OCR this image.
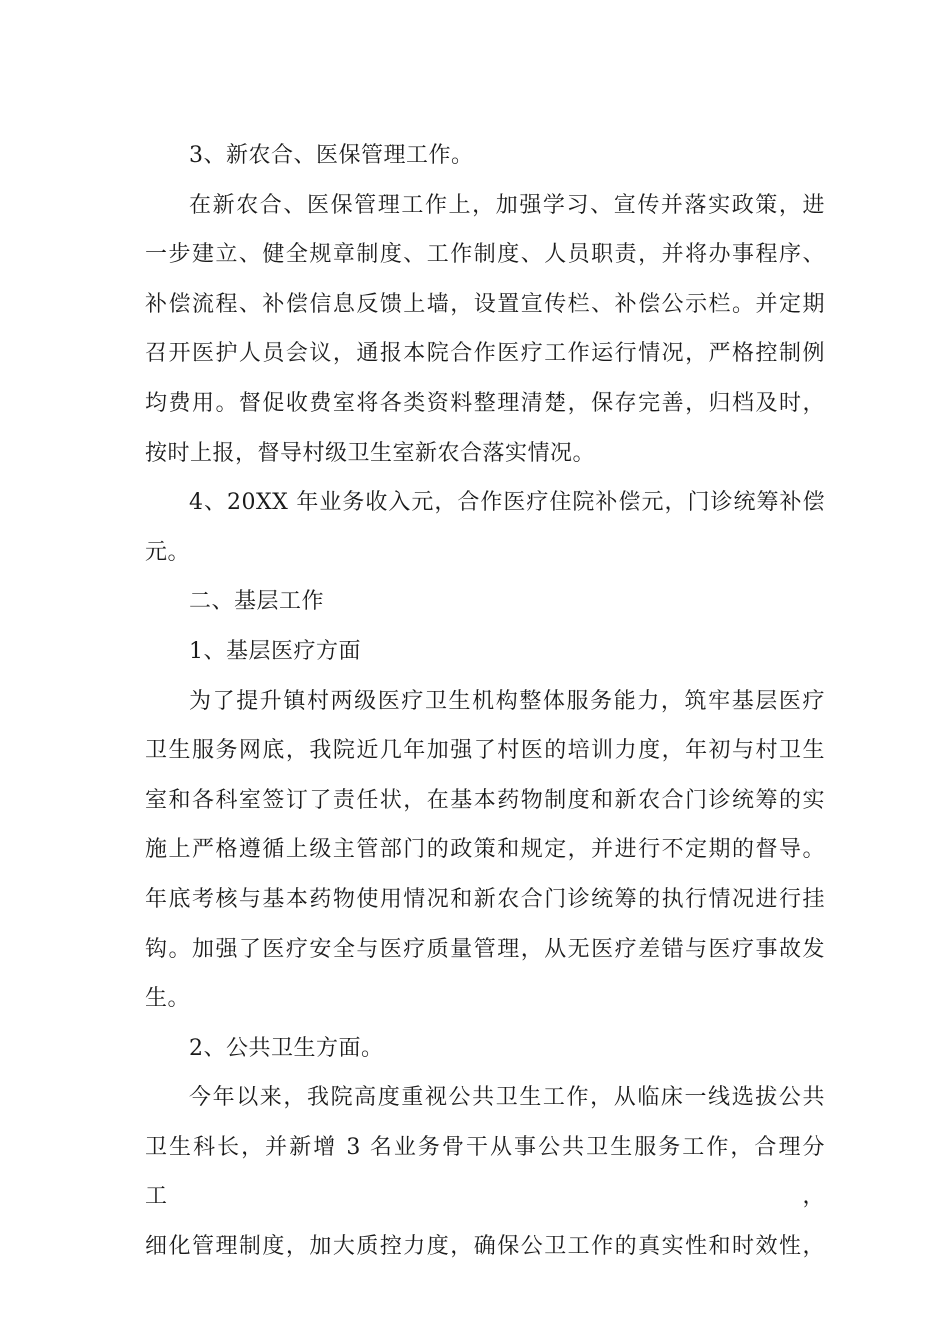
3、新农合、医保管理工作。

在新农合、医保管理工作上，加强学习、宣传并落实政策，进

一步建立、健全规章制度、工作制度、人员职责，并将办事程序、

补偿流程、补偿信息反馈上墙，设置宣传栏、补偿公示栏。并定期

召开医护人员会议，通报本院合作医疗工作运行情况，严格控制例

均费用。督促收费室将各类资料整理清楚，保存完善，归档及时，

按时上报，督导村级卫生室新农合落实情况。

4、20XX 年业务收入元，合作医疗住院补偿元，门诊统筹补偿

元。

二、基层工作

1、基层医疗方面

为了提升镇村两级医疗卫生机构整体服务能力，筑牢基层医疗

卫生服务网底，我院近几年加强了村医的培训力度，年初与村卫生

室和各科室签订了责任状，在基本药物制度和新农合门诊统筹的实

施上严格遵循上级主管部门的政策和规定，并进行不定期的督导。

年底考核与基本药物使用情况和新农合门诊统筹的执行情况进行挂

钩。加强了医疗安全与医疗质量管理，从无医疗差错与医疗事故发

生。

2、公共卫生方面。

今年以来，我院高度重视公共卫生工作，从临床一线选拔公共

卫生科长，并新增 3 名业务骨干从事公共卫生服务工作，合理分工，

细化管理制度，加大质控力度，确保公卫工作的真实性和时效性，
